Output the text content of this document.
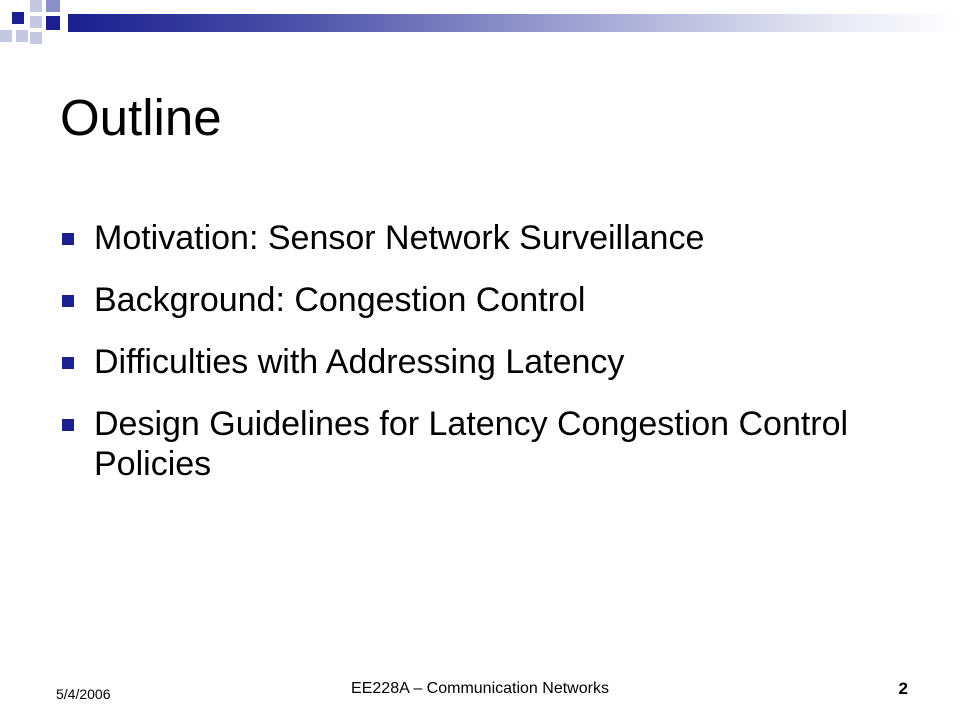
Outline
Motivation: Sensor Network Surveillance
Background: Congestion Control
Difficulties with Addressing Latency
Design Guidelines for Latency Congestion Control Policies
5/4/2006	EE228A – Communication Networks	2
